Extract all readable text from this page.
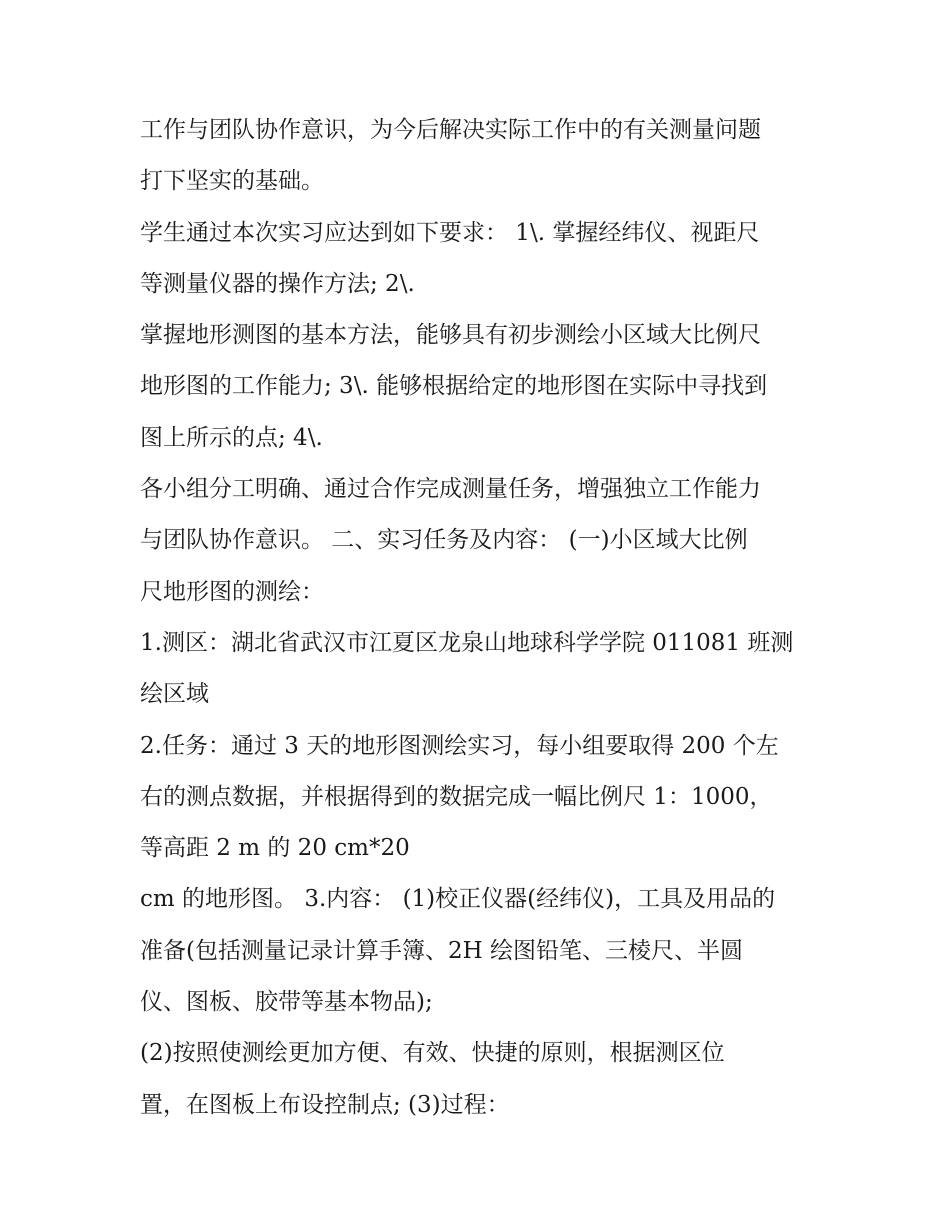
工作与团队协作意识，为今后解决实际工作中的有关测量问题
打下坚实的基础。
学生通过本次实习应达到如下要求： 1\. 掌握经纬仪、视距尺
等测量仪器的操作方法; 2\.
掌握地形测图的基本方法，能够具有初步测绘小区域大比例尺
地形图的工作能力; 3\. 能够根据给定的地形图在实际中寻找到
图上所示的点; 4\.
各小组分工明确、通过合作完成测量任务，增强独立工作能力
与团队协作意识。 二、实习任务及内容： (一)小区域大比例
尺地形图的测绘：
1.测区：湖北省武汉市江夏区龙泉山地球科学学院 011081 班测
绘区域
2.任务：通过 3 天的地形图测绘实习，每小组要取得 200 个左
右的测点数据，并根据得到的数据完成一幅比例尺 1：1000，
等高距 2 m 的 20 cm*20
cm 的地形图。 3.内容： (1)校正仪器(经纬仪)，工具及用品的
准备(包括测量记录计算手簿、2H 绘图铅笔、三棱尺、半圆
仪、图板、胶带等基本物品);
(2)按照使测绘更加方便、有效、快捷的原则，根据测区位
置，在图板上布设控制点; (3)过程：
